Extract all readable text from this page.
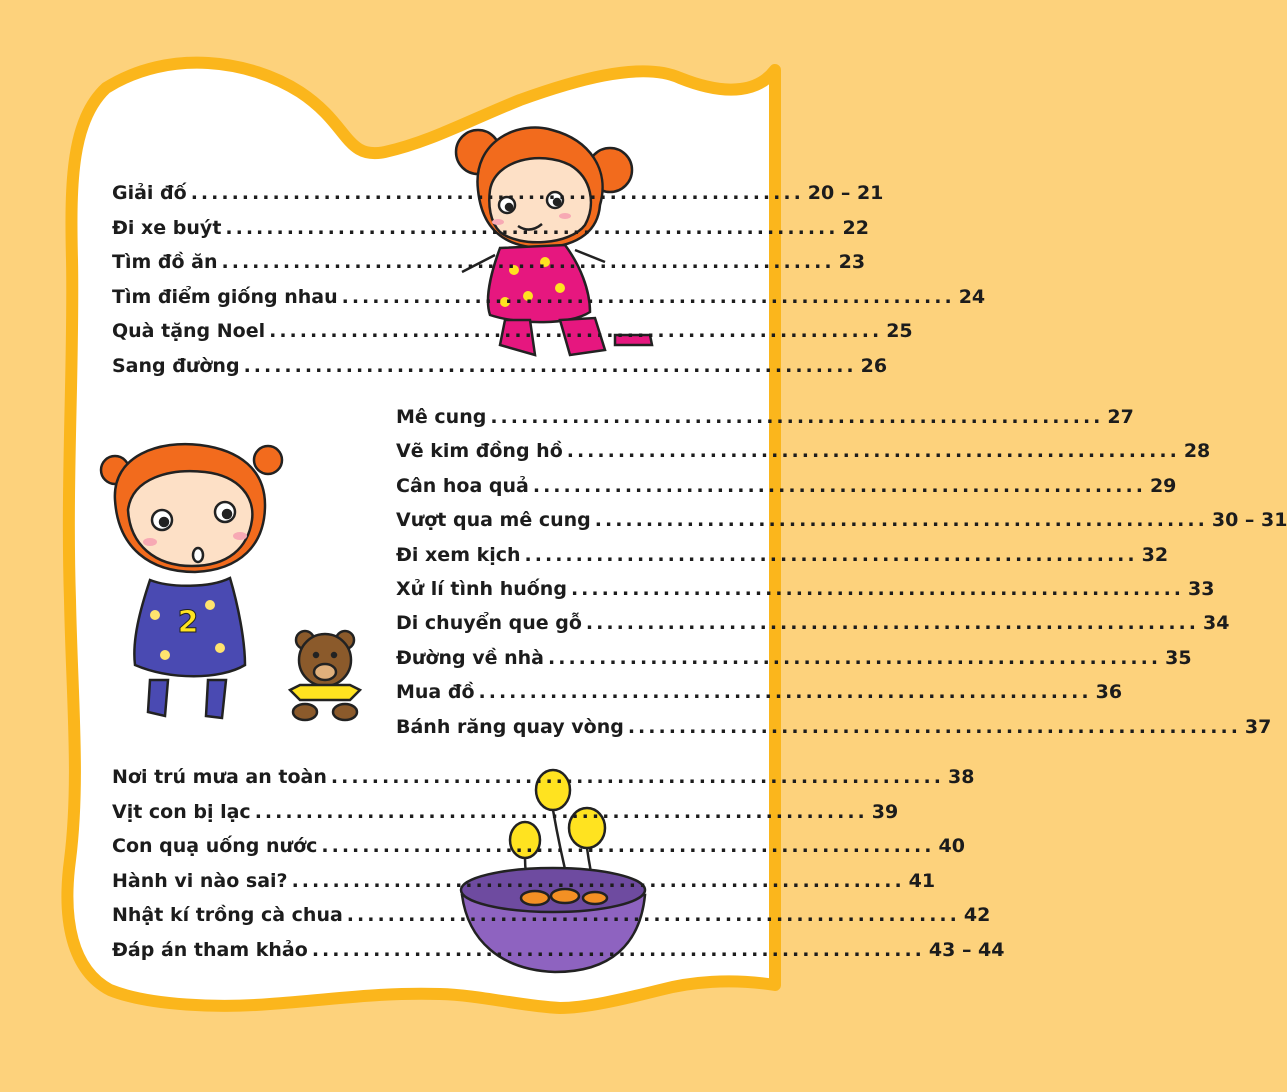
2
Giải đố ............................................................ 20 – 21
Đi xe buýt ............................................................ 22
Tìm đồ ăn ............................................................ 23
Tìm điểm giống nhau ............................................................ 24
Quà tặng Noel ............................................................ 25
Sang đường ............................................................ 26
Mê cung ............................................................ 27
Vẽ kim đồng hồ ............................................................ 28
Cân hoa quả ............................................................ 29
Vượt qua mê cung ............................................................ 30 – 31
Đi xem kịch ............................................................ 32
Xử lí tình huống ............................................................ 33
Di chuyển que gỗ ............................................................ 34
Đường về nhà ............................................................ 35
Mua đồ ............................................................ 36
Bánh răng quay vòng ............................................................ 37
Nơi trú mưa an toàn ............................................................ 38
Vịt con bị lạc ............................................................ 39
Con quạ uống nước ............................................................ 40
Hành vi nào sai? ............................................................ 41
Nhật kí trồng cà chua ............................................................ 42
Đáp án tham khảo ............................................................ 43 – 44
